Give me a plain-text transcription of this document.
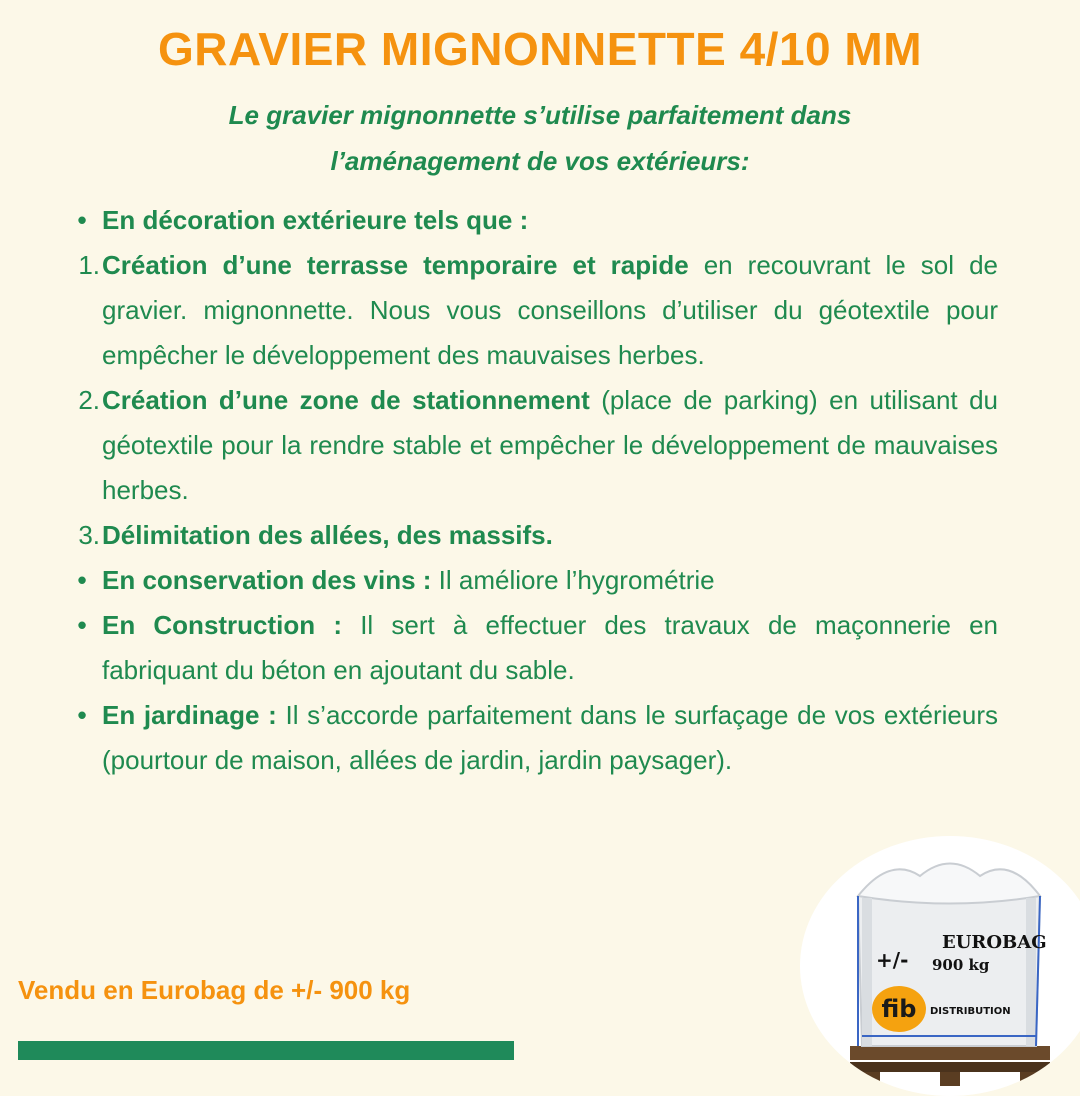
GRAVIER MIGNONNETTE 4/10 MM
Le gravier mignonnette s’utilise parfaitement dans
l’aménagement de vos extérieurs:
• En décoration extérieure tels que :
1. Création d’une terrasse temporaire et rapide en recouvrant le sol de gravier. mignonnette. Nous vous conseillons d’utiliser du géotextile pour empêcher le développement des mauvaises herbes.
2. Création d’une zone de stationnement (place de parking) en utilisant du géotextile pour la rendre stable et empêcher le développement de mauvaises herbes.
3. Délimitation des allées, des massifs.
• En conservation des vins : Il améliore l’hygrométrie
• En Construction : Il sert à effectuer des travaux de maçonnerie en fabriquant du béton en ajoutant du sable.
• En jardinage : Il s’accorde parfaitement dans le surfaçage de vos extérieurs (pourtour de maison, allées de jardin, jardin paysager).
Vendu en Eurobag de +/- 900 kg
EUROBAG
900 kg
+/-
fib	DISTRIBUTION
